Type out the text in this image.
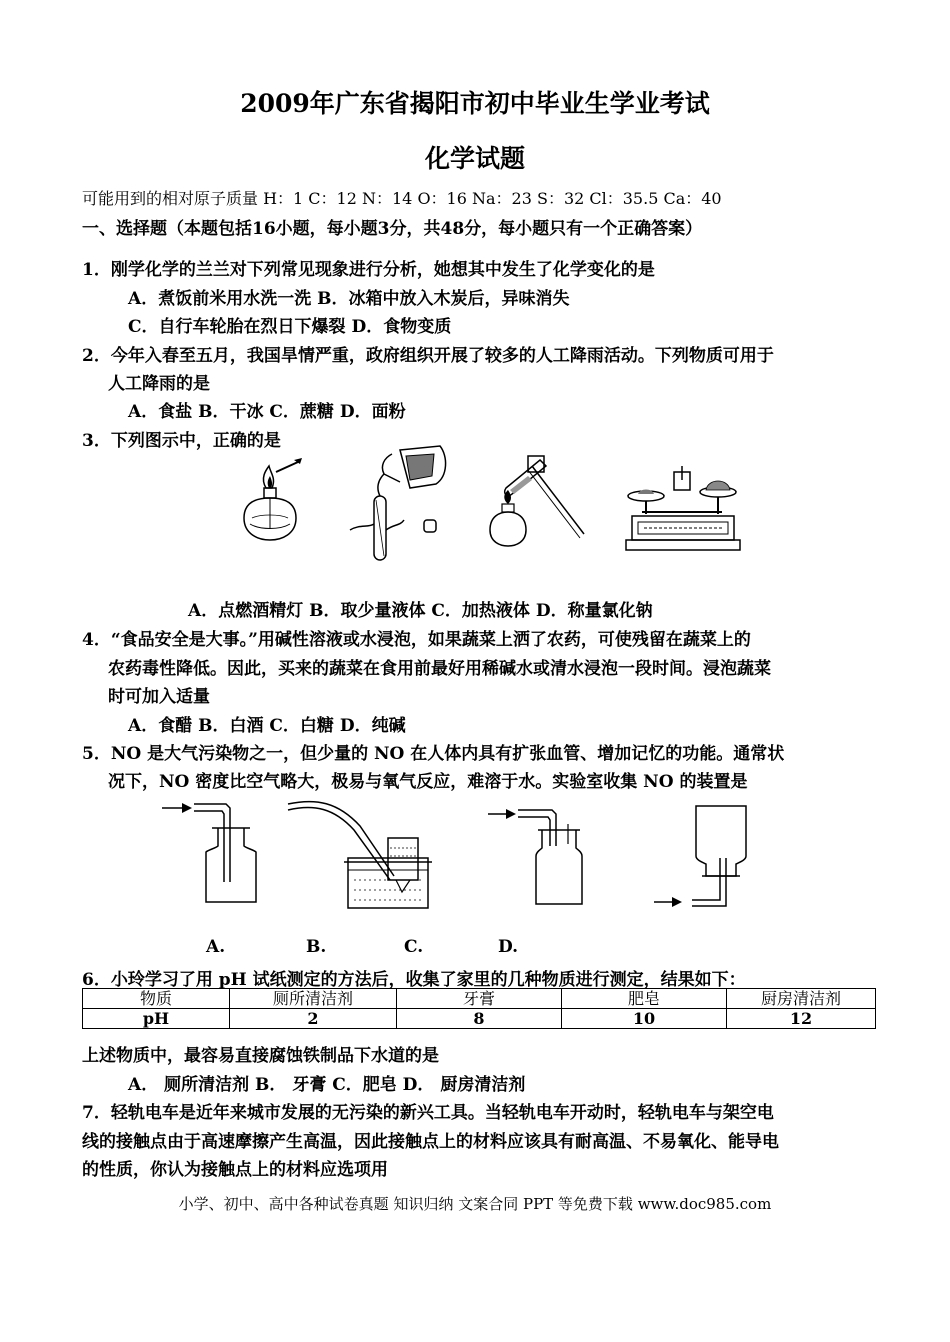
2009年广东省揭阳市初中毕业生学业考试
化学试题
可能用到的相对原子质量 H：1 C：12 N：14 O：16 Na：23 S：32 Cl：35.5 Ca：40
一、选择题（本题包括16小题，每小题3分，共48分，每小题只有一个正确答案）
1．刚学化学的兰兰对下列常见现象进行分析，她想其中发生了化学变化的是
A．煮饭前米用水洗一洗 B．冰箱中放入木炭后，异味消失
C．自行车轮胎在烈日下爆裂 D．食物变质
2．今年入春至五月，我国旱情严重，政府组织开展了较多的人工降雨活动。下列物质可用于
人工降雨的是
A．食盐 B．干冰 C．蔗糖 D．面粉
3．下列图示中，正确的是
A．点燃酒精灯 B．取少量液体 C．加热液体 D．称量氯化钠
4．“食品安全是大事。”用碱性溶液或水浸泡，如果蔬菜上洒了农药，可使残留在蔬菜上的
农药毒性降低。因此，买来的蔬菜在食用前最好用稀碱水或清水浸泡一段时间。浸泡蔬菜
时可加入适量
A．食醋 B．白酒 C．白糖 D．纯碱
5．NO 是大气污染物之一，但少量的 NO 在人体内具有扩张血管、增加记忆的功能。通常状
况下，NO 密度比空气略大，极易与氧气反应，难溶于水。实验室收集 NO 的装置是
A.	B.	C.	D.
6．小玲学习了用 pH 试纸测定的方法后，收集了家里的几种物质进行测定，结果如下：
物质	厕所清洁剂	牙膏	肥皂	厨房清洁剂
pH	2	8	10	12
上述物质中，最容易直接腐蚀铁制品下水道的是
A． 厕所清洁剂 B． 牙膏 C．肥皂 D． 厨房清洁剂
7．轻轨电车是近年来城市发展的无污染的新兴工具。当轻轨电车开动时，轻轨电车与架空电
线的接触点由于高速摩擦产生高温，因此接触点上的材料应该具有耐高温、不易氧化、能导电
的性质，你认为接触点上的材料应选项用
小学、初中、高中各种试卷真题 知识归纳 文案合同 PPT 等免费下载 www.doc985.com
